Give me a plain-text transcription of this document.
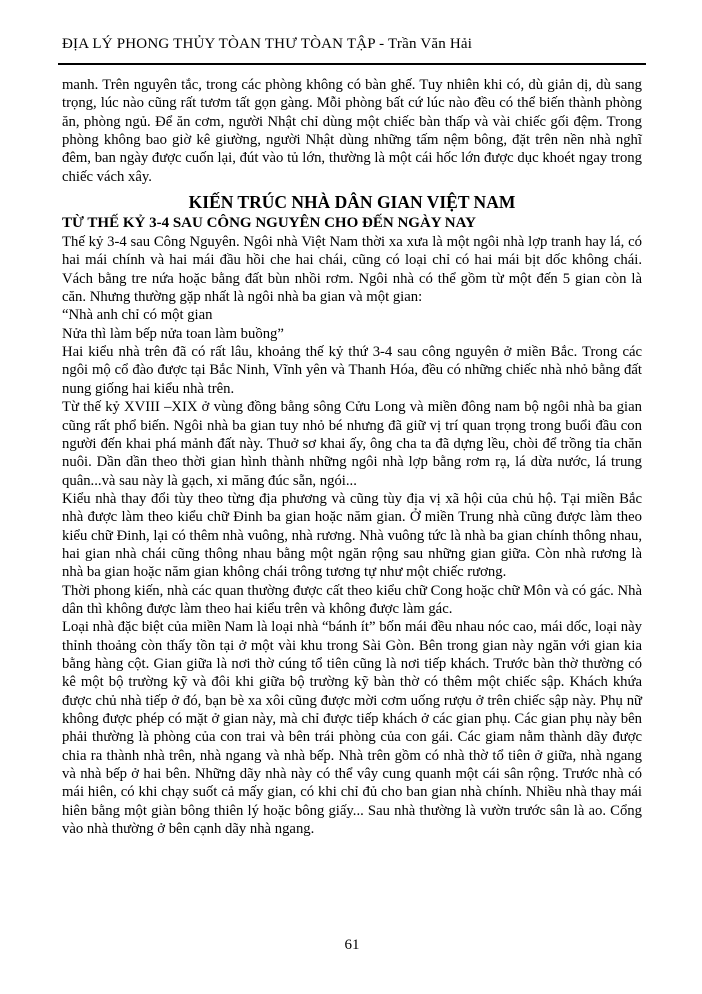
ĐỊA LÝ PHONG THỦY TÒAN THƯ TÒAN TẬP - Trần Văn Hải

manh. Trên nguyên tắc, trong các phòng không có bàn ghế. Tuy nhiên khi có, dù giản dị, dù sang trọng, lúc nào cũng rất tươm tất gọn gàng. Mỗi phòng bất cứ lúc nào đều có thể biến thành phòng ăn, phòng ngủ. Để ăn cơm, người Nhật chỉ dùng một chiếc bàn thấp và vài chiếc gối đệm. Trong phòng không bao giờ kê giường, người Nhật dùng những tấm nệm bông, đặt trên nền nhà nghĩ đêm, ban ngày được cuốn lại, đút vào tủ lớn, thường là một cái hốc lớn được dục khoét ngay trong chiếc vách xây.

KIẾN TRÚC NHÀ DÂN GIAN VIỆT NAM
TỪ THẾ KỶ 3-4 SAU CÔNG NGUYÊN CHO ĐẾN NGÀY NAY

Thế kỷ 3-4 sau Công Nguyên. Ngôi nhà Việt Nam thời xa xưa là một ngôi nhà lợp tranh hay lá, có hai mái chính và hai mái đầu hồi che hai chái, cũng có loại chỉ có hai mái bịt dốc không chái. Vách bằng tre nứa hoặc bằng đất bùn nhồi rơm. Ngôi nhà có thể gồm từ một đến 5 gian còn là căn. Nhưng thường gặp nhất là ngôi nhà ba gian và một gian:

“Nhà anh chỉ có một gian

Nửa thì làm bếp nửa toan làm buồng”

Hai kiểu nhà trên đã có rất lâu, khoảng thế kỷ thứ 3-4 sau công nguyên ở miền Bắc. Trong các ngôi mộ cổ đào được tại Bắc Ninh, Vĩnh yên và Thanh Hóa, đều có những chiếc nhà nhỏ bằng đất nung giống hai kiểu nhà trên.

Từ thế kỷ XVIII –XIX ở vùng đồng bằng sông Cửu Long và miền đông nam bộ ngôi nhà ba gian cũng rất phổ biến. Ngôi nhà ba gian tuy nhỏ bé nhưng đã giữ vị trí quan trọng trong buổi đầu con người đến khai phá mảnh đất này. Thuở sơ khai ấy, ông cha ta đã dựng lều, chòi để trồng tỉa chăn nuôi. Dần dần theo thời gian hình thành những ngôi nhà lợp bằng rơm rạ, lá dừa nước, lá trung quân...và sau này là gạch, xi măng đúc sẵn, ngói...

Kiểu nhà thay đổi tùy theo từng địa phương và cũng tùy địa vị xã hội của chủ hộ. Tại miền Bắc nhà được làm theo kiểu chữ Đinh ba gian hoặc năm gian. Ở miền Trung nhà cũng được làm theo kiểu chữ Đinh, lại có thêm nhà vuông, nhà rương. Nhà vuông tức là nhà ba gian chính thông nhau, hai gian nhà chái cũng thông nhau bằng một ngăn rộng sau những gian giữa. Còn nhà rương là nhà ba gian hoặc năm gian không chái trông tương tự như một chiếc rương.

Thời phong kiến, nhà các quan thường được cất theo kiểu chữ Cong hoặc chữ Môn và có gác. Nhà dân thì không được làm theo hai kiểu trên và không được làm gác.

Loại nhà đặc biệt của miền Nam là loại nhà “bánh ít” bốn mái đều nhau nóc cao, mái dốc, loại này thỉnh thoảng còn thấy tồn tại ở một vài khu trong Sài Gòn. Bên trong gian này ngăn với gian kia bằng hàng cột. Gian giữa là nơi thờ cúng tổ tiên cũng là nơi tiếp khách. Trước bàn thờ thường có kê một bộ trường kỹ và đôi khi giữa bộ trường kỹ bàn thờ có thêm một chiếc sập. Khách khứa được chủ nhà tiếp ở đó, bạn bè xa xôi cũng được mời cơm uống rượu ở trên chiếc sập này. Phụ nữ không được phép có mặt ở gian này, mà chỉ được tiếp khách ở các gian phụ. Các gian phụ này bên phải thường là phòng của con trai và bên trái phòng của con gái. Các giam nằm thành dãy được chia ra thành nhà trên, nhà ngang và nhà bếp. Nhà trên gồm có nhà thờ tổ tiên ở giữa, nhà ngang và nhà bếp ở hai bên. Những dãy nhà này có thể vây cung quanh một cái sân rộng. Trước nhà có mái hiên, có khi chạy suốt cả mấy gian, có khi chỉ đủ cho ban gian nhà chính. Nhiều nhà thay mái hiên bằng một giàn bông thiên lý hoặc bông giấy... Sau nhà thường là vườn trước sân là ao. Cổng vào nhà thường ở bên cạnh dãy nhà ngang.

61
